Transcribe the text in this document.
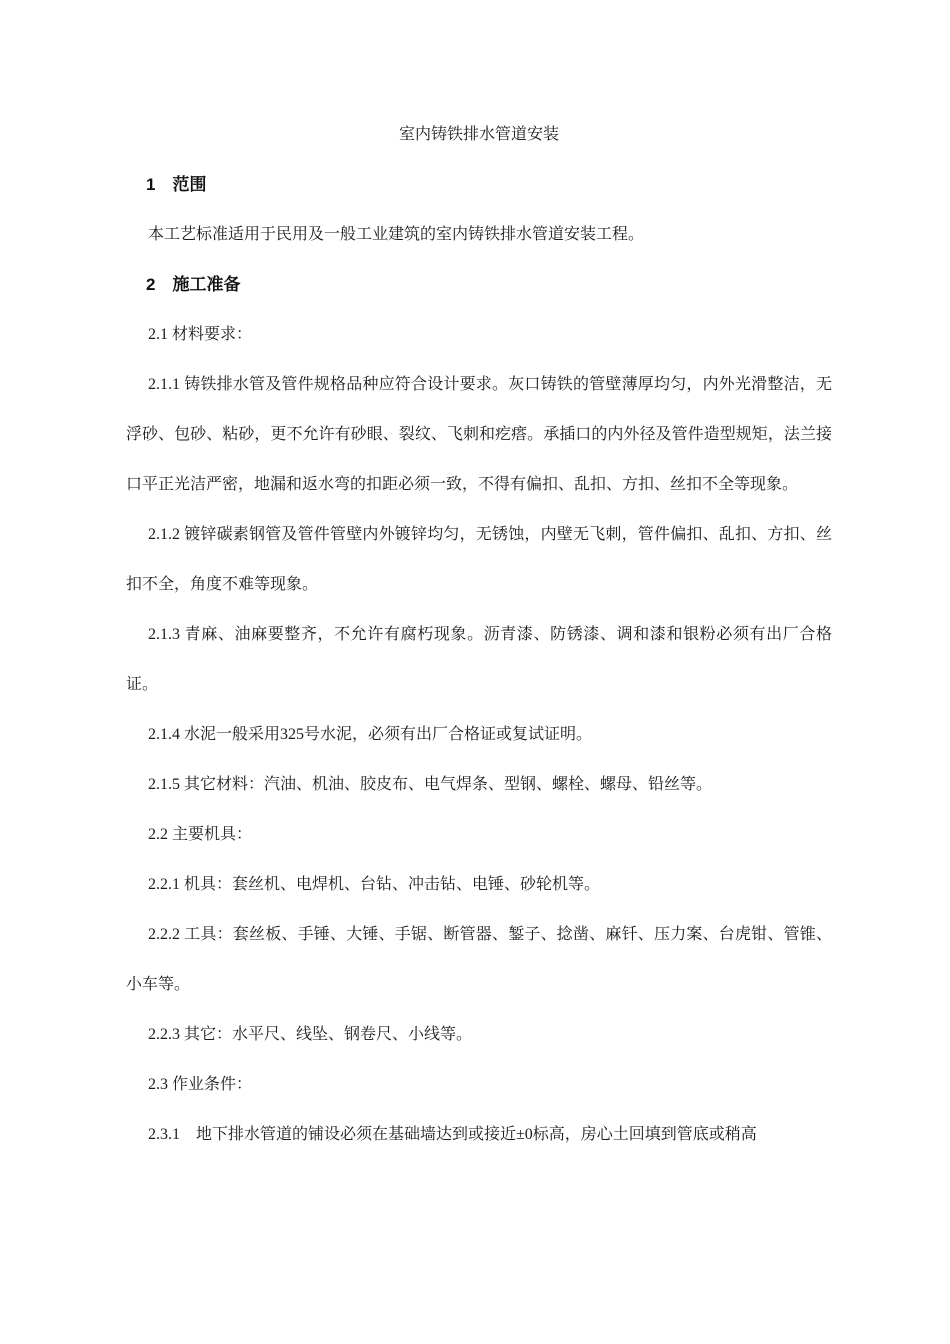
室内铸铁排水管道安装

1　范围

本工艺标准适用于民用及一般工业建筑的室内铸铁排水管道安装工程。

2　施工准备

2.1 材料要求：

2.1.1 铸铁排水管及管件规格品种应符合设计要求。灰口铸铁的管壁薄厚均匀，内外光滑整洁，无浮砂、包砂、粘砂，更不允许有砂眼、裂纹、飞刺和疙瘩。承插口的内外径及管件造型规矩，法兰接口平正光洁严密，地漏和返水弯的扣距必须一致，不得有偏扣、乱扣、方扣、丝扣不全等现象。

2.1.2 镀锌碳素钢管及管件管壁内外镀锌均匀，无锈蚀，内壁无飞刺，管件偏扣、乱扣、方扣、丝扣不全，角度不难等现象。

2.1.3 青麻、油麻要整齐，不允许有腐朽现象。沥青漆、防锈漆、调和漆和银粉必须有出厂合格证。

2.1.4 水泥一般采用325号水泥，必须有出厂合格证或复试证明。

2.1.5 其它材料：汽油、机油、胶皮布、电气焊条、型钢、螺栓、螺母、铅丝等。

2.2 主要机具：

2.2.1 机具：套丝机、电焊机、台钻、冲击钻、电锤、砂轮机等。

2.2.2 工具：套丝板、手锤、大锤、手锯、断管器、錾子、捻凿、麻钎、压力案、台虎钳、管锥、小车等。

2.2.3 其它：水平尺、线坠、钢卷尺、小线等。

2.3 作业条件：

2.3.1　地下排水管道的铺设必须在基础墙达到或接近±0标高，房心土回填到管底或稍高
